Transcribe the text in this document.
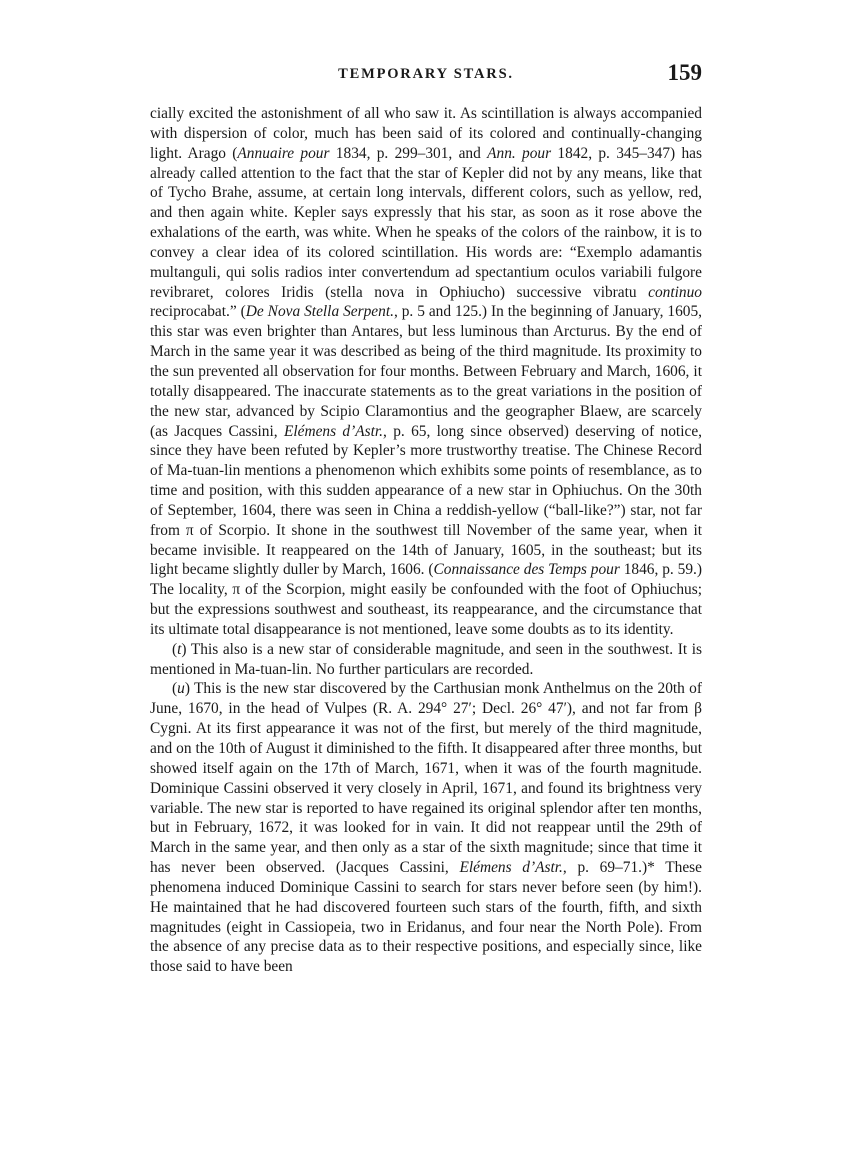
TEMPORARY STARS.	159

cially excited the astonishment of all who saw it. As scintillation is always accompanied with dispersion of color, much has been said of its colored and continually-changing light. Arago (Annuaire pour 1834, p. 299–301, and Ann. pour 1842, p. 345–347) has already called attention to the fact that the star of Kepler did not by any means, like that of Tycho Brahe, assume, at certain long intervals, different colors, such as yellow, red, and then again white. Kepler says expressly that his star, as soon as it rose above the exhalations of the earth, was white. When he speaks of the colors of the rainbow, it is to convey a clear idea of its colored scintillation. His words are: “Exemplo adamantis multanguli, qui solis radios inter convertendum ad spectantium oculos variabili fulgore revibraret, colores Iridis (stella nova in Ophiucho) successive vibratu continuo reciprocabat.” (De Nova Stella Serpent., p. 5 and 125.) In the beginning of January, 1605, this star was even brighter than Antares, but less luminous than Arcturus. By the end of March in the same year it was described as being of the third magnitude. Its proximity to the sun prevented all observation for four months. Between February and March, 1606, it totally disappeared. The inaccurate statements as to the great variations in the position of the new star, advanced by Scipio Claramontius and the geographer Blaew, are scarcely (as Jacques Cassini, Elémens d’Astr., p. 65, long since observed) deserving of notice, since they have been refuted by Kepler’s more trustworthy treatise. The Chinese Record of Ma-tuan-lin mentions a phenomenon which exhibits some points of resemblance, as to time and position, with this sudden appearance of a new star in Ophiuchus. On the 30th of September, 1604, there was seen in China a reddish-yellow (“ball-like?”) star, not far from π of Scorpio. It shone in the southwest till November of the same year, when it became invisible. It reappeared on the 14th of January, 1605, in the southeast; but its light became slightly duller by March, 1606. (Connaissance des Temps pour 1846, p. 59.) The locality, π of the Scorpion, might easily be confounded with the foot of Ophiuchus; but the expressions southwest and southeast, its reappearance, and the circumstance that its ultimate total disappearance is not mentioned, leave some doubts as to its identity.

(t) This also is a new star of considerable magnitude, and seen in the southwest. It is mentioned in Ma-tuan-lin. No further particulars are recorded.

(u) This is the new star discovered by the Carthusian monk Anthelmus on the 20th of June, 1670, in the head of Vulpes (R. A. 294° 27′; Decl. 26° 47′), and not far from β Cygni. At its first appearance it was not of the first, but merely of the third magnitude, and on the 10th of August it diminished to the fifth. It disappeared after three months, but showed itself again on the 17th of March, 1671, when it was of the fourth magnitude. Dominique Cassini observed it very closely in April, 1671, and found its brightness very variable. The new star is reported to have regained its original splendor after ten months, but in February, 1672, it was looked for in vain. It did not reappear until the 29th of March in the same year, and then only as a star of the sixth magnitude; since that time it has never been observed. (Jacques Cassini, Elémens d’Astr., p. 69–71.)* These phenomena induced Dominique Cassini to search for stars never before seen (by him!). He maintained that he had discovered fourteen such stars of the fourth, fifth, and sixth magnitudes (eight in Cassiopeia, two in Eridanus, and four near the North Pole). From the absence of any precise data as to their respective positions, and especially since, like those said to have been
